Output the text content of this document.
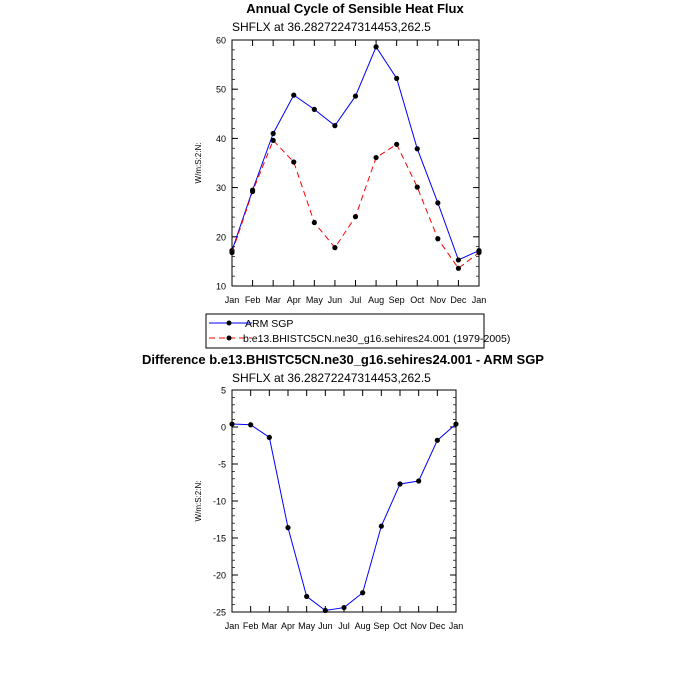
Annual Cycle of Sensible Heat Flux
SHFLX at 36.28272247314453,262.5
10
20
30
40
50
60
Jan Feb Mar Apr May Jun Jul Aug Sep Oct Nov Dec Jan
W/m:S:2:N:
ARM SGP
b.e13.BHISTC5CN.ne30_g16.sehires24.001 (1979-2005)
Difference b.e13.BHISTC5CN.ne30_g16.sehires24.001 - ARM SGP
SHFLX at 36.28272247314453,262.5
-25
-20
-15
-10
-5
0
5
Jan Feb Mar Apr May Jun Jul Aug Sep Oct Nov Dec Jan
W/m:S:2:N:
